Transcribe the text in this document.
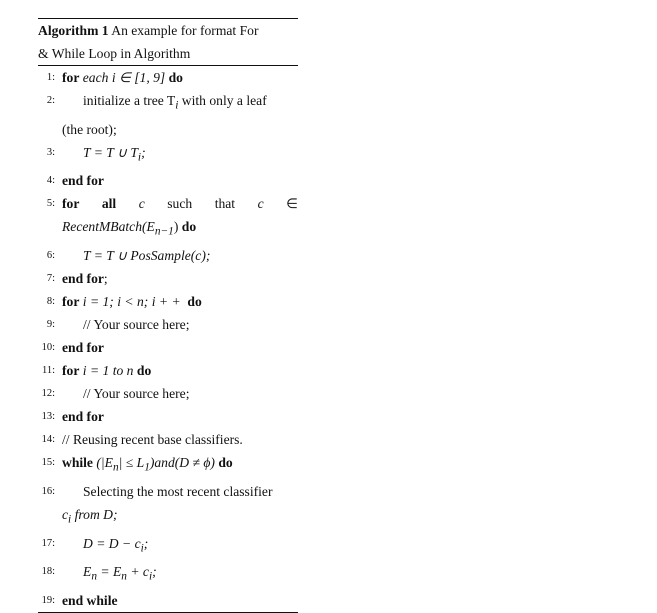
Algorithm 1 An example for format For
& While Loop in Algorithm
1: for each i ∈ [1, 9] do
2: initialize a tree $T_i$ with only a leaf
(the root);
3: T = T ∪ $T_i$;
4: end for
5: for all c such that c ∈
$RecentMBatch(E_{n-1})$ do
6: T = T ∪ PosSample(c);
7: end for;
8: for i = 1; i < n; i + + do
9: // Your source here;
10: end for
11: for i = 1 to n do
12: // Your source here;
13: end for
14: // Reusing recent base classifiers.
15: while $(|E_n| \le L_1)and(D \ne \phi)$ do
16: Selecting the most recent classifier
$c_i$ from D;
17: $D = D - c_i$;
18: $E_n = E_n + c_i$;
19: end while
